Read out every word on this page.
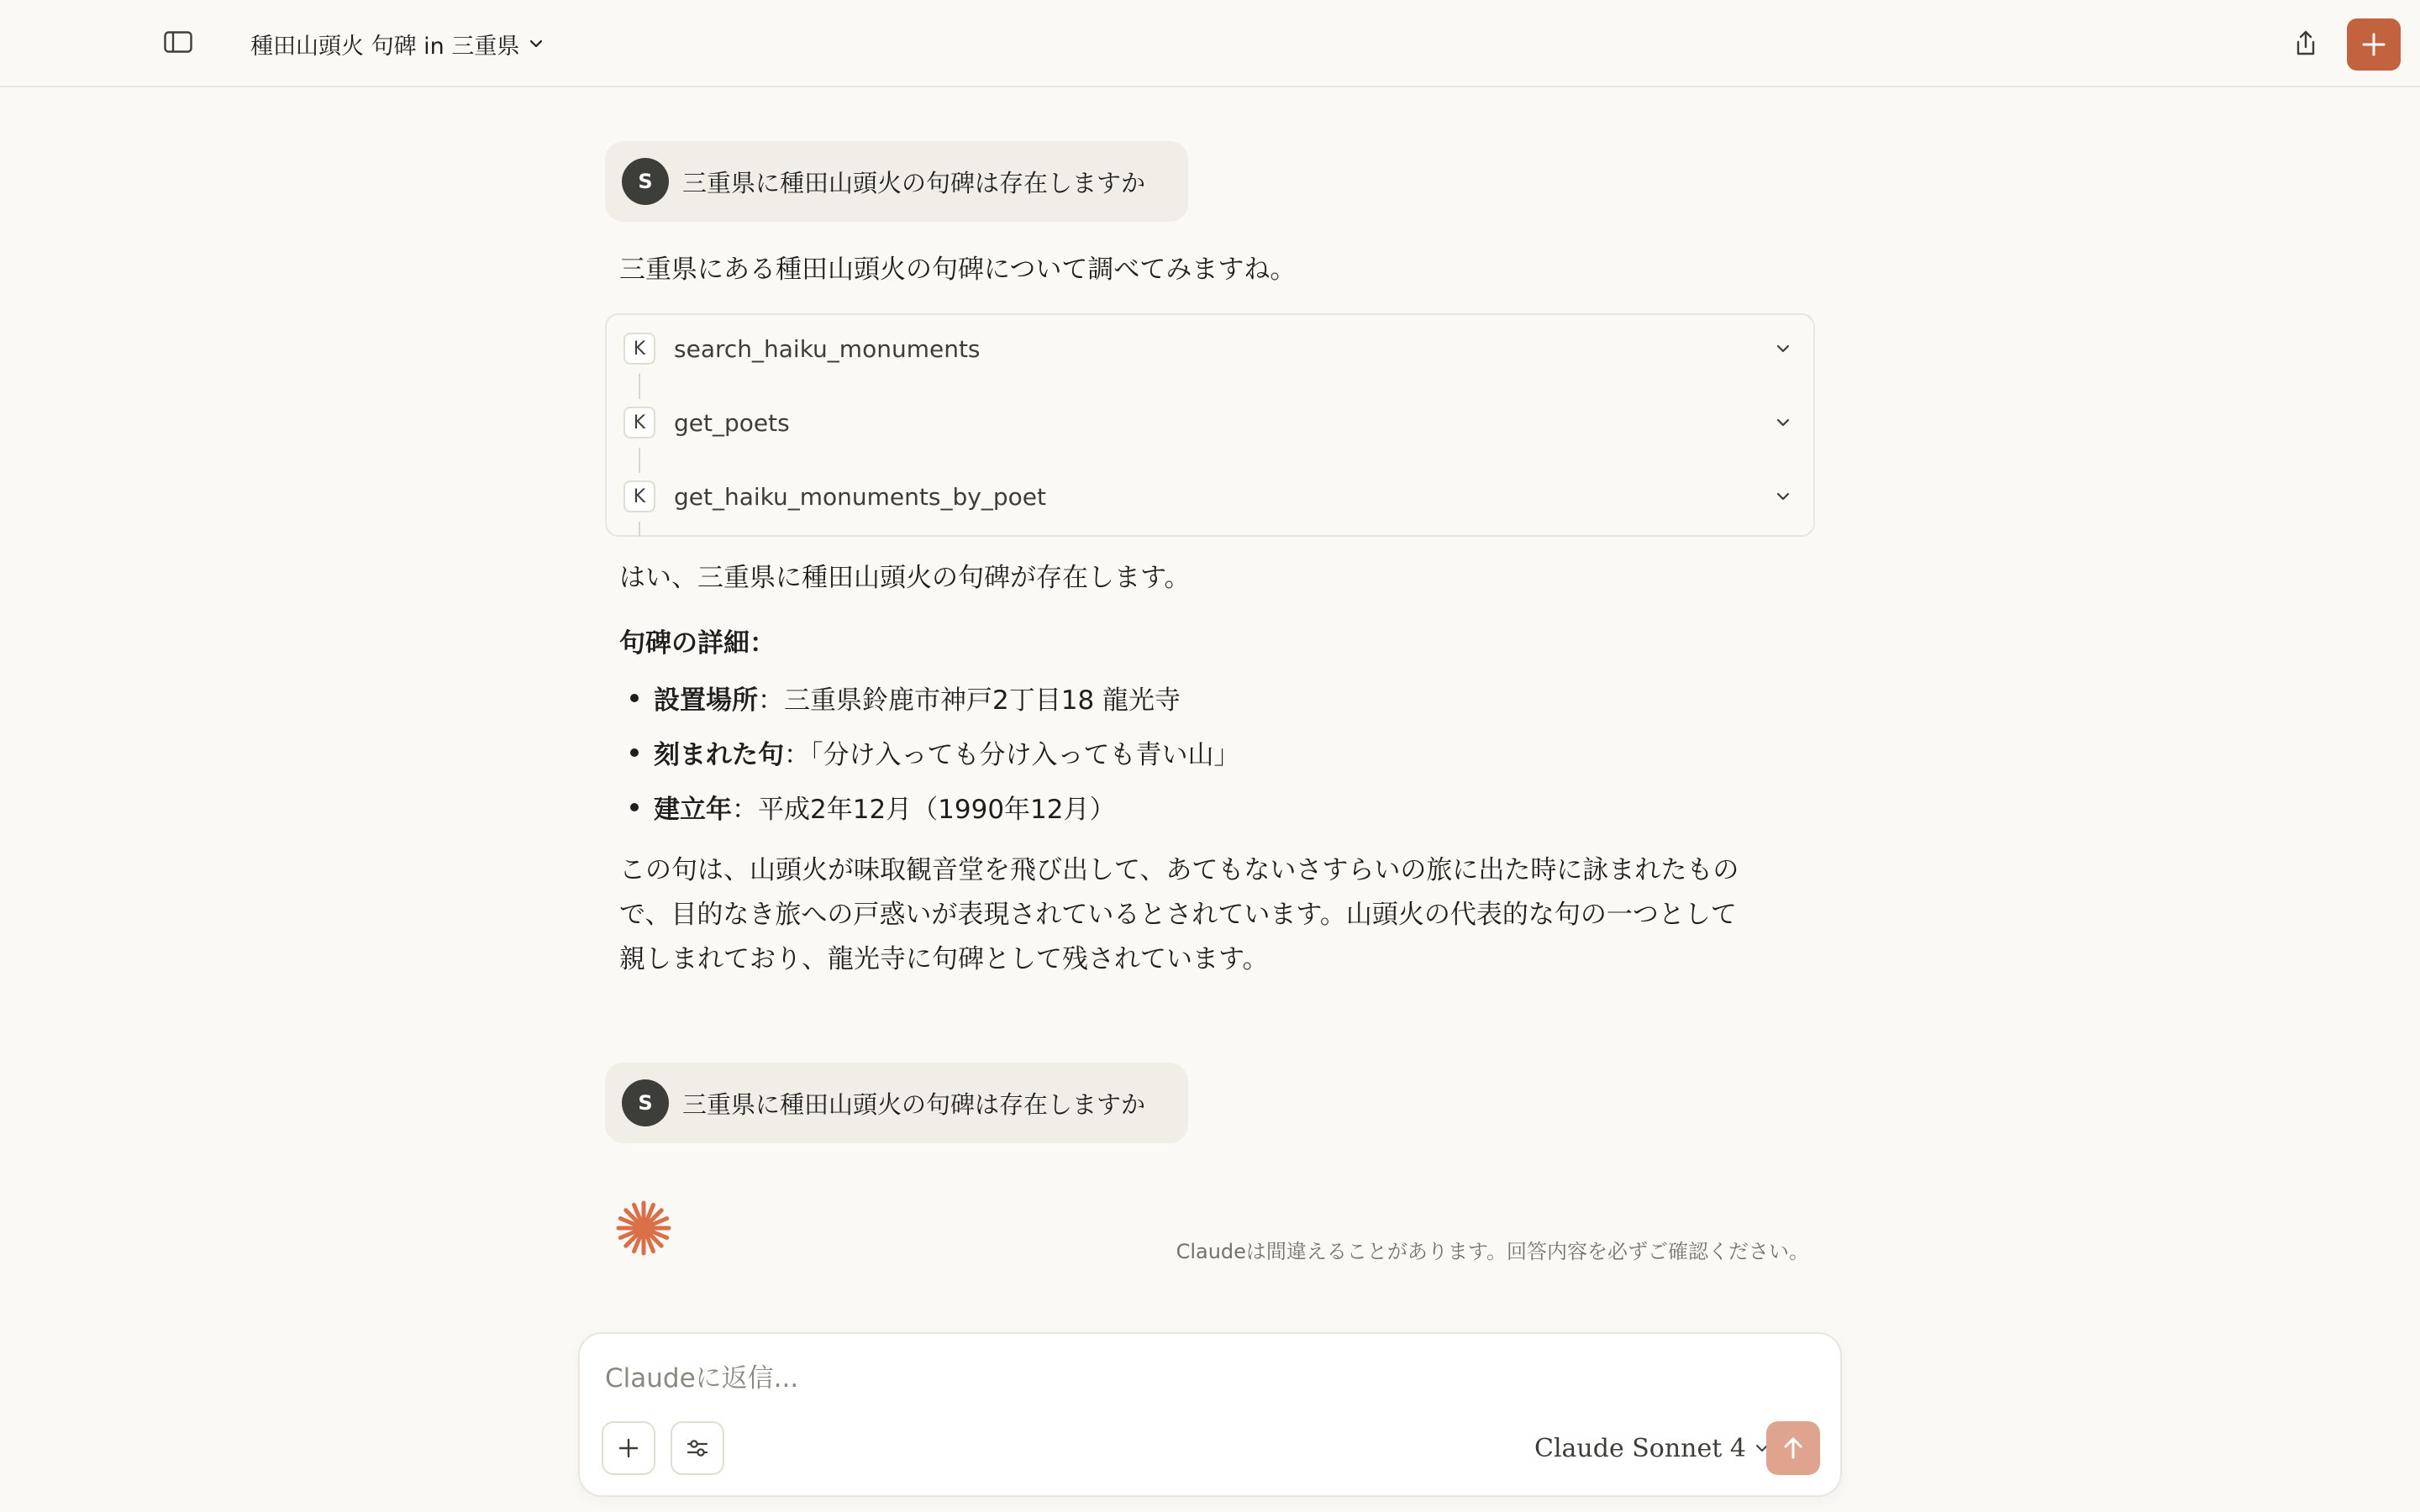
種田山頭火 句碑 in 三重県
S	三重県に種田山頭火の句碑は存在しますか
三重県にある種田山頭火の句碑について調べてみますね。
K	search_haiku_monuments
K	get_poets
K	get_haiku_monuments_by_poet
はい、三重県に種田山頭火の句碑が存在します。
句碑の詳細：
設置場所 ：三重県鈴鹿市神戸2丁目18 龍光寺
刻まれた句 ：「分け入っても分け入っても青い山」
建立年 ：平成2年12月（1990年12月）
この句は、山頭火が味取観音堂を飛び出して、あてもないさすらいの旅に出た時に詠まれたもの
で、目的なき旅への戸惑いが表現されているとされています。山頭火の代表的な句の一つとして
親しまれており、龍光寺に句碑として残されています。
S	三重県に種田山頭火の句碑は存在しますか
Claudeは間違えることがあります。回答内容を必ずご確認ください。
Claudeに返信...
Claude Sonnet 4
